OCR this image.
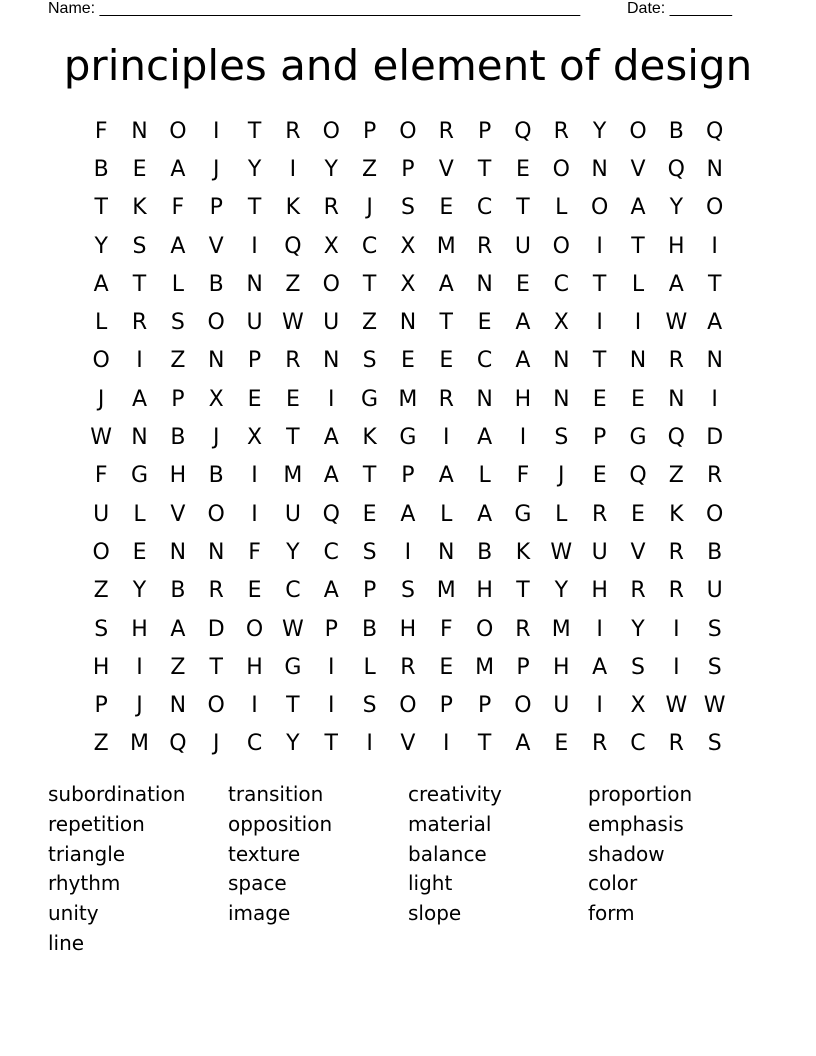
Name: ______________________________________________________	Date: _______
principles and element of design
F	N O	I	T	R	O	P	O	R	P	Q	R	Y	O	B	Q
B	E	A	J	Y	I	Y	Z	P	V	T	E	O N	V	Q N
T	K	F	P	T	K	R	J	S	E	C	T	L	O	A	Y	O
Y	S	A	V	I	Q	X	C	X M R	U O	I	T	H	I
A	T	L	B	N	Z	O	T	X	A	N	E	C	T	L	A	T
L	R	S	O U W U	Z	N	T	E	A	X	I	I	W A
O	I	Z	N	P	R	N	S	E	E	C	A	N	T	N	R	N
J	A	P	X	E	E	I	G M R	N H N	E	E	N	I
W N	B	J	X	T	A	K	G	I	A	I	S	P	G Q D
F	G H	B	I	M A	T	P	A	L	F	J	E	Q	Z	R
U	L	V	O	I	U Q	E	A	L	A	G	L	R	E	K	O
O	E	N N	F	Y	C	S	I	N	B	K W U	V	R	B
Z	Y	B	R	E	C	A	P	S M H	T	Y	H	R	R	U
S	H	A	D O W P	B	H	F	O	R M	I	Y	I	S
H	I	Z	T	H G	I	L	R	E M	P	H	A	S	I	S
P	J	N O	I	T	I	S	O	P	P	O U	I	X W W
Z M Q	J	C	Y	T	I	V	I	T	A	E	R	C	R	S
subordination	transition	creativity	proportion
repetition	opposition	material	emphasis
triangle	texture	balance	shadow
rhythm	space	light	color
unity	image	slope	form
line
